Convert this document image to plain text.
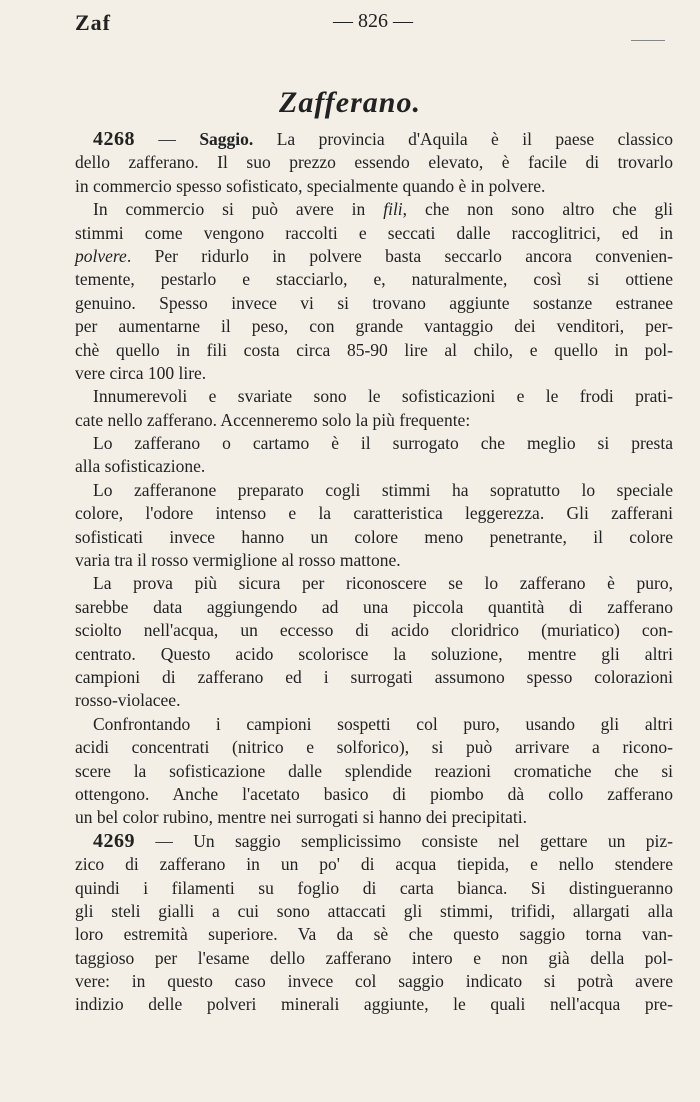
Zaf	— 826 —
Zafferano.
4268 — Saggio. La provincia d'Aquila è il paese classico
dello zafferano. Il suo prezzo essendo elevato, è facile di trovarlo
in commercio spesso sofisticato, specialmente quando è in polvere.
In commercio si può avere in fili, che non sono altro che gli
stimmi come vengono raccolti e seccati dalle raccoglitrici, ed in
polvere. Per ridurlo in polvere basta seccarlo ancora convenien-
temente, pestarlo e stacciarlo, e, naturalmente, così si ottiene
genuino. Spesso invece vi si trovano aggiunte sostanze estranee
per aumentarne il peso, con grande vantaggio dei venditori, per-
chè quello in fili costa circa 85-90 lire al chilo, e quello in pol-
vere circa 100 lire.
Innumerevoli e svariate sono le sofisticazioni e le frodi prati-
cate nello zafferano. Accenneremo solo la più frequente:
Lo zafferano o cartamo è il surrogato che meglio si presta
alla sofisticazione.
Lo zafferanone preparato cogli stimmi ha sopratutto lo speciale
colore, l'odore intenso e la caratteristica leggerezza. Gli zafferani
sofisticati invece hanno un colore meno penetrante, il colore
varia tra il rosso vermiglione al rosso mattone.
La prova più sicura per riconoscere se lo zafferano è puro,
sarebbe data aggiungendo ad una piccola quantità di zafferano
sciolto nell'acqua, un eccesso di acido cloridrico (muriatico) con-
centrato. Questo acido scolorisce la soluzione, mentre gli altri
campioni di zafferano ed i surrogati assumono spesso colorazioni
rosso-violacee.
Confrontando i campioni sospetti col puro, usando gli altri
acidi concentrati (nitrico e solforico), si può arrivare a ricono-
scere la sofisticazione dalle splendide reazioni cromatiche che si
ottengono. Anche l'acetato basico di piombo dà collo zafferano
un bel color rubino, mentre nei surrogati si hanno dei precipitati.
4269 — Un saggio semplicissimo consiste nel gettare un piz-
zico di zafferano in un po' di acqua tiepida, e nello stendere
quindi i filamenti su foglio di carta bianca. Si distingueranno
gli steli gialli a cui sono attaccati gli stimmi, trifidi, allargati alla
loro estremità superiore. Va da sè che questo saggio torna van-
taggioso per l'esame dello zafferano intero e non già della pol-
vere: in questo caso invece col saggio indicato si potrà avere
indizio delle polveri minerali aggiunte, le quali nell'acqua pre-
